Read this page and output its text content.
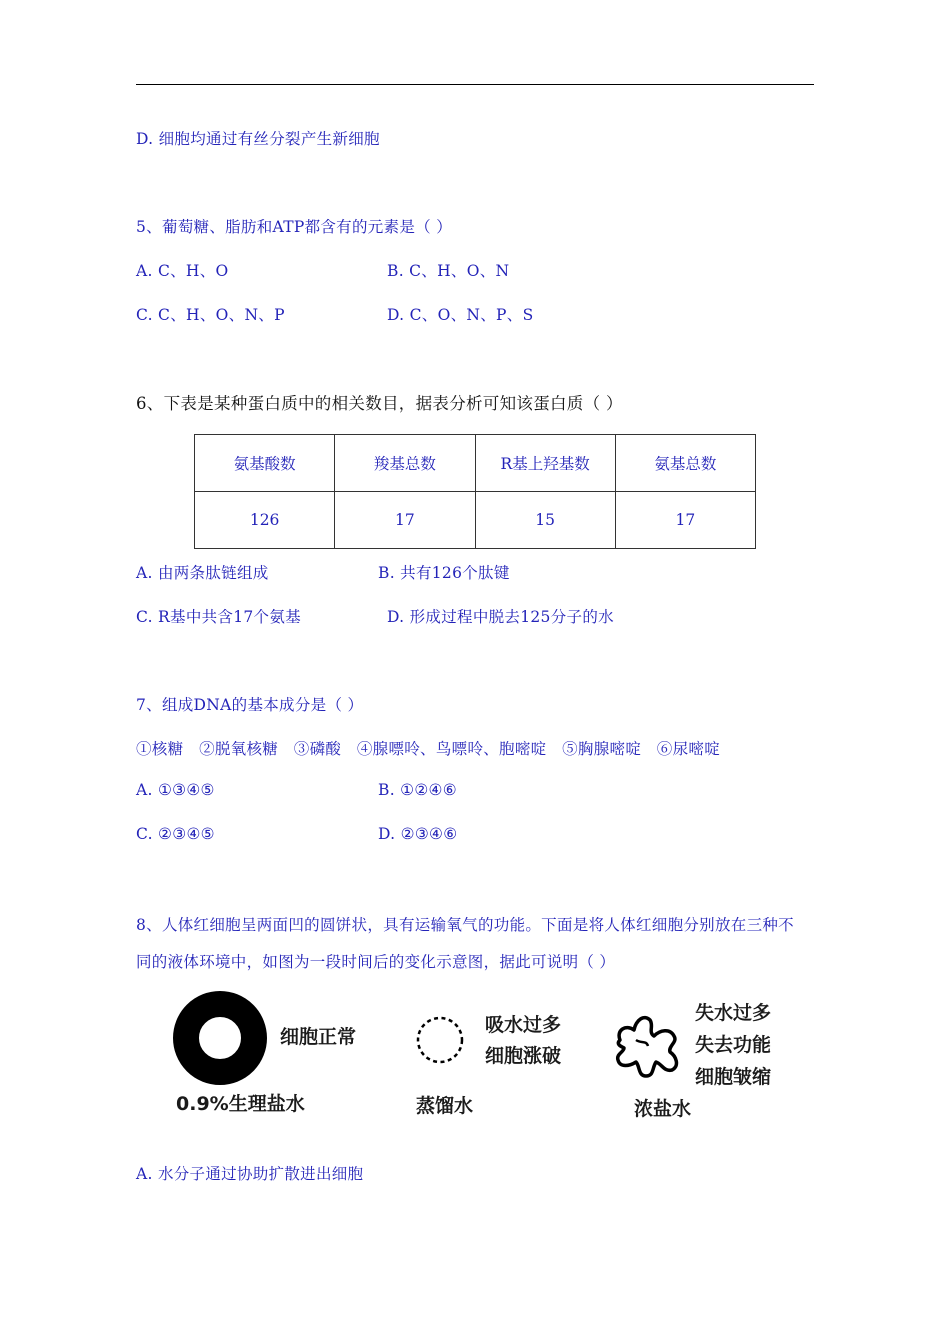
D. 细胞均通过有丝分裂产生新细胞
5、葡萄糖、脂肪和ATP都含有的元素是（ ）
A. C、H、O	B. C、H、O、N
C. C、H、O、N、P	D. C、O、N、P、S
6、下表是某种蛋白质中的相关数目，据表分析可知该蛋白质（ ）
氨基酸数	羧基总数	R基上羟基数	氨基总数
126	17	15	17
A. 由两条肽链组成	B. 共有126个肽键
C. R基中共含17个氨基	D. 形成过程中脱去125分子的水
7、组成DNA的基本成分是（ ）
①核糖   ②脱氧核糖   ③磷酸   ④腺嘌呤、鸟嘌呤、胞嘧啶   ⑤胸腺嘧啶   ⑥尿嘧啶
A. ①③④⑤	B. ①②④⑥
C. ②③④⑤	D. ②③④⑥
8、人体红细胞呈两面凹的圆饼状，具有运输氧气的功能。下面是将人体红细胞分别放在三种不
同的液体环境中，如图为一段时间后的变化示意图，据此可说明（ ）
细胞正常
0.9%生理盐水
吸水过多
细胞涨破
蒸馏水
失水过多
失去功能
细胞皱缩
浓盐水
A. 水分子通过协助扩散进出细胞
